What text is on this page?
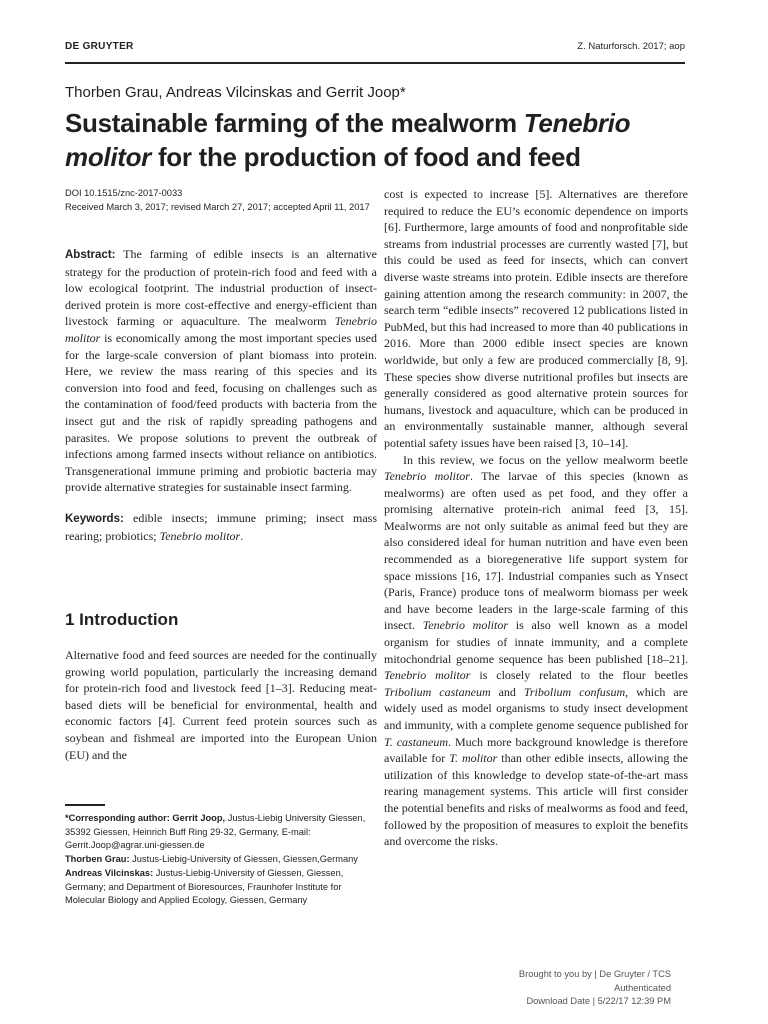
DE GRUYTER	Z. Naturforsch. 2017; aop
Thorben Grau, Andreas Vilcinskas and Gerrit Joop*
Sustainable farming of the mealworm Tenebrio molitor for the production of food and feed
DOI 10.1515/znc-2017-0033
Received March 3, 2017; revised March 27, 2017; accepted April 11, 2017

Abstract: The farming of edible insects is an alternative strategy for the production of protein-rich food and feed with a low ecological footprint. The industrial production of insect-derived protein is more cost-effective and energy-efficient than livestock farming or aquaculture. The mealworm Tenebrio molitor is economically among the most important species used for the large-scale conversion of plant biomass into protein. Here, we review the mass rearing of this species and its conversion into food and feed, focusing on challenges such as the contamination of food/feed products with bacteria from the insect gut and the risk of rapidly spreading pathogens and parasites. We propose solutions to prevent the outbreak of infections among farmed insects without reliance on antibiotics. Transgenerational immune priming and probiotic bacteria may provide alternative strategies for sustainable insect farming.

Keywords: edible insects; immune priming; insect mass rearing; probiotics; Tenebrio molitor.

1 Introduction

Alternative food and feed sources are needed for the continually growing world population, particularly the increasing demand for protein-rich food and livestock feed [1–3]. Reducing meat-based diets will be beneficial for environmental, health and economic factors [4]. Current feed protein sources such as soybean and fishmeal are imported into the European Union (EU) and the

*Corresponding author: Gerrit Joop, Justus-Liebig University Giessen, 35392 Giessen, Heinrich Buff Ring 29-32, Germany, E-mail: Gerrit.Joop@agrar.uni-giessen.de

Thorben Grau: Justus-Liebig-University of Giessen, Giessen,Germany

Andreas Vilcinskas: Justus-Liebig-University of Giessen, Giessen, Germany; and Department of Bioresources, Fraunhofer Institute for Molecular Biology and Applied Ecology, Giessen, Germany

cost is expected to increase [5]. Alternatives are therefore required to reduce the EU’s economic dependence on imports [6]. Furthermore, large amounts of food and nonprofitable side streams from industrial processes are currently wasted [7], but this could be used as feed for insects, which can convert diverse waste streams into protein. Edible insects are therefore gaining attention among the research community: in 2007, the search term “edible insects” recovered 12 publications listed in PubMed, but this had increased to more than 40 publications in 2016. More than 2000 edible insect species are known worldwide, but only a few are produced commercially [8, 9]. These species show diverse nutritional profiles but insects are generally considered as good alternative protein sources for humans, livestock and aquaculture, which can be produced in an environmentally sustainable manner, although several potential safety issues have been raised [3, 10–14].

In this review, we focus on the yellow mealworm beetle Tenebrio molitor. The larvae of this species (known as mealworms) are often used as pet food, and they offer a promising alternative protein-rich animal feed [3, 15]. Mealworms are not only suitable as animal feed but they are also considered ideal for human nutrition and have even been recommended as a bioregenerative life support system for space missions [16, 17]. Industrial companies such as Ynsect (Paris, France) produce tons of mealworm biomass per week and have become leaders in the large-scale farming of this insect. Tenebrio molitor is also well known as a model organism for studies of innate immunity, and a complete mitochondrial genome sequence has been published [18–21]. Tenebrio molitor is closely related to the flour beetles Tribolium castaneum and Tribolium confusum, which are widely used as model organisms to study insect development and immunity, with a complete genome sequence published for T. castaneum. Much more background knowledge is therefore available for T. molitor than other edible insects, allowing the utilization of this knowledge to develop state-of-the-art mass rearing management systems. This article will first consider the potential benefits and risks of mealworms as food and feed, followed by the proposition of measures to exploit the benefits and overcome the risks.

Brought to you by | De Gruyter / TCS
Authenticated
Download Date | 5/22/17 12:39 PM
